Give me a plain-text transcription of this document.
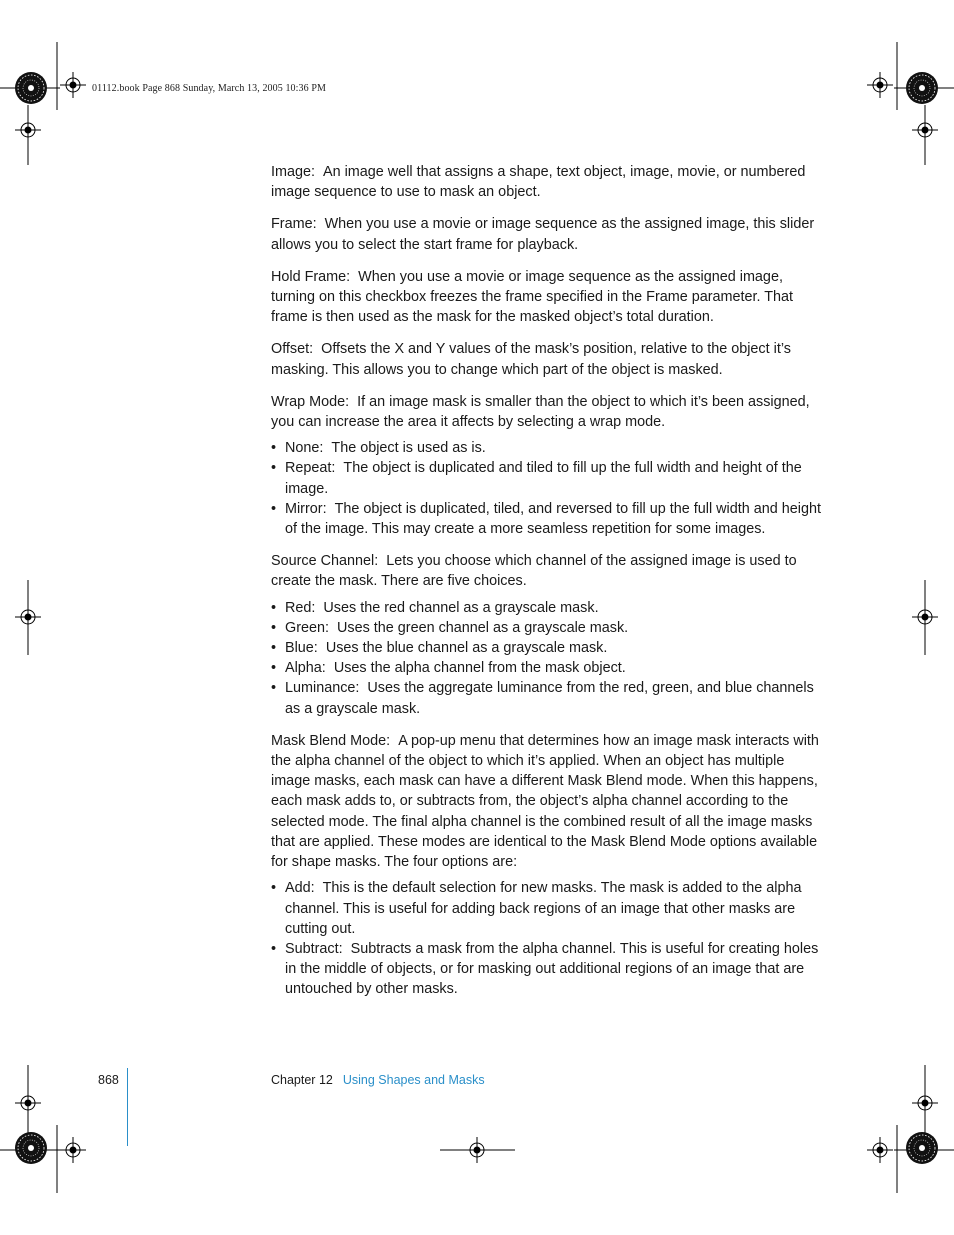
01112.book Page 868 Sunday, March 13, 2005 10:36 PM

Image: An image well that assigns a shape, text object, image, movie, or numbered image sequence to use to mask an object.

Frame: When you use a movie or image sequence as the assigned image, this slider allows you to select the start frame for playback.

Hold Frame: When you use a movie or image sequence as the assigned image, turning on this checkbox freezes the frame specified in the Frame parameter. That frame is then used as the mask for the masked object’s total duration.

Offset: Offsets the X and Y values of the mask’s position, relative to the object it’s masking. This allows you to change which part of the object is masked.

Wrap Mode: If an image mask is smaller than the object to which it’s been assigned, you can increase the area it affects by selecting a wrap mode.

• None: The object is used as is.
• Repeat: The object is duplicated and tiled to fill up the full width and height of the image.
• Mirror: The object is duplicated, tiled, and reversed to fill up the full width and height of the image. This may create a more seamless repetition for some images.

Source Channel: Lets you choose which channel of the assigned image is used to create the mask. There are five choices.

• Red: Uses the red channel as a grayscale mask.
• Green: Uses the green channel as a grayscale mask.
• Blue: Uses the blue channel as a grayscale mask.
• Alpha: Uses the alpha channel from the mask object.
• Luminance: Uses the aggregate luminance from the red, green, and blue channels as a grayscale mask.

Mask Blend Mode: A pop-up menu that determines how an image mask interacts with the alpha channel of the object to which it’s applied. When an object has multiple image masks, each mask can have a different Mask Blend mode. When this happens, each mask adds to, or subtracts from, the object’s alpha channel according to the selected mode. The final alpha channel is the combined result of all the image masks that are applied. These modes are identical to the Mask Blend Mode options available for shape masks. The four options are:

• Add: This is the default selection for new masks. The mask is added to the alpha channel. This is useful for adding back regions of an image that other masks are cutting out.
• Subtract: Subtracts a mask from the alpha channel. This is useful for creating holes in the middle of objects, or for masking out additional regions of an image that are untouched by other masks.
868	Chapter 12 Using Shapes and Masks
